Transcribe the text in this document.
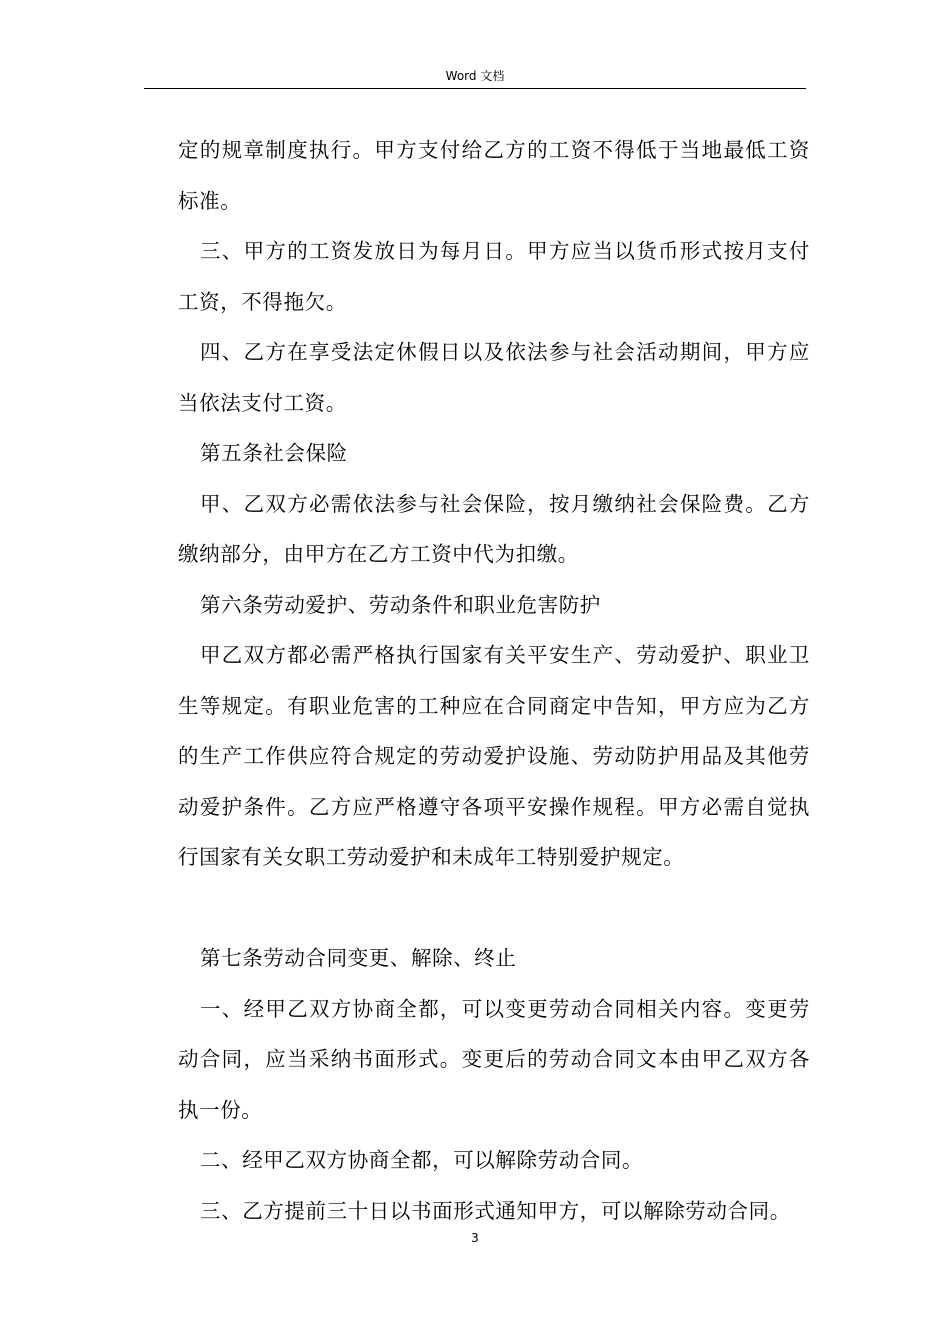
Word 文档

定的规章制度执行。甲方支付给乙方的工资不得低于当地最低工资标准。

三、甲方的工资发放日为每月日。甲方应当以货币形式按月支付工资，不得拖欠。

四、乙方在享受法定休假日以及依法参与社会活动期间，甲方应当依法支付工资。

第五条社会保险

甲、乙双方必需依法参与社会保险，按月缴纳社会保险费。乙方缴纳部分，由甲方在乙方工资中代为扣缴。

第六条劳动爱护、劳动条件和职业危害防护

甲乙双方都必需严格执行国家有关平安生产、劳动爱护、职业卫生等规定。有职业危害的工种应在合同商定中告知，甲方应为乙方的生产工作供应符合规定的劳动爱护设施、劳动防护用品及其他劳动爱护条件。乙方应严格遵守各项平安操作规程。甲方必需自觉执行国家有关女职工劳动爱护和未成年工特别爱护规定。

第七条劳动合同变更、解除、终止

一、经甲乙双方协商全都，可以变更劳动合同相关内容。变更劳动合同，应当采纳书面形式。变更后的劳动合同文本由甲乙双方各执一份。

二、经甲乙双方协商全都，可以解除劳动合同。

三、乙方提前三十日以书面形式通知甲方，可以解除劳动合同。

3
